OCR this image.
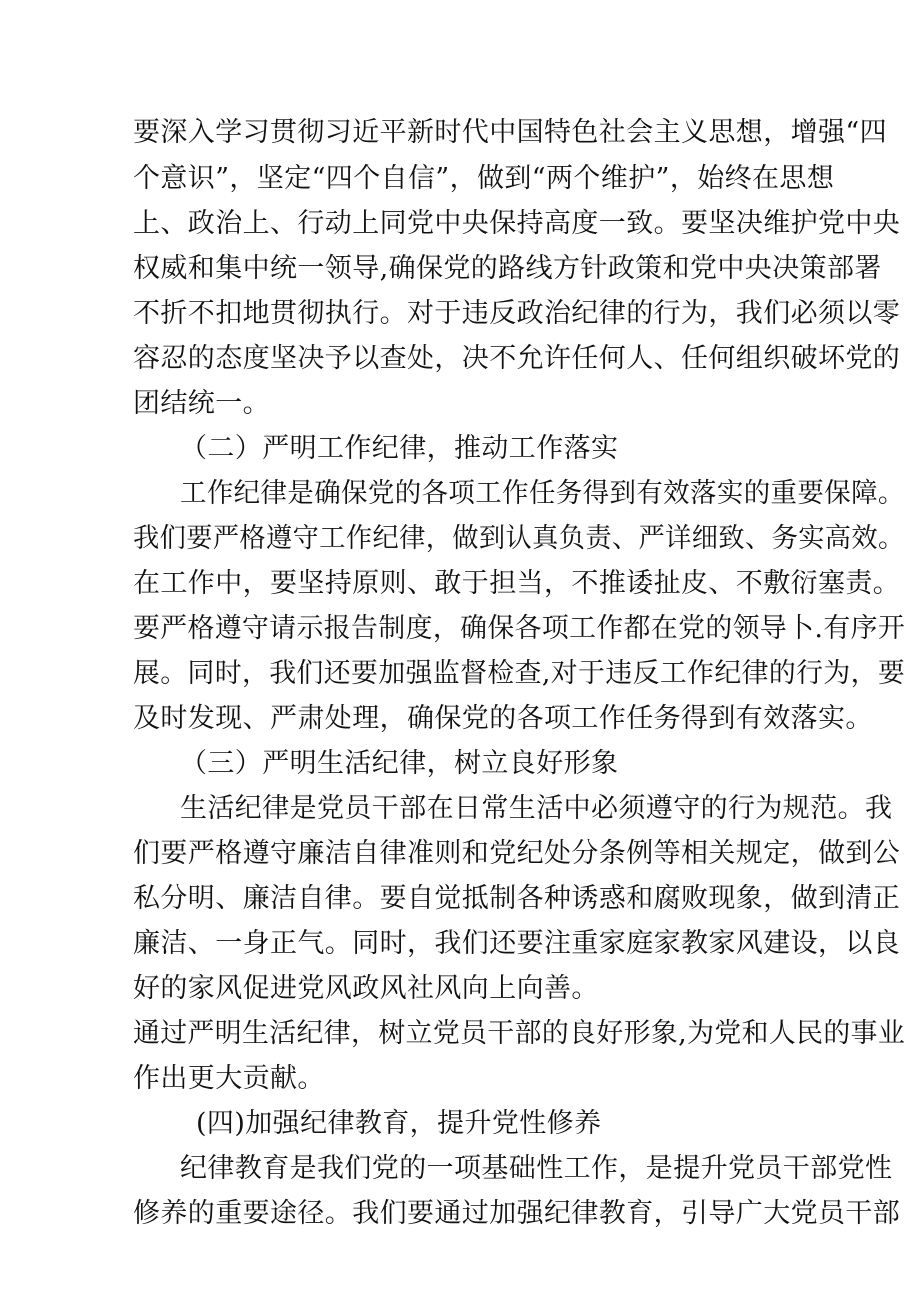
要深入学习贯彻习近平新时代中国特色社会主义思想，增强“四
个意识”，坚定“四个自信”，做到“两个维护”，始终在思想
上、政治上、行动上同党中央保持高度一致。要坚决维护党中央
权威和集中统一领导,确保党的路线方针政策和党中央决策部署
不折不扣地贯彻执行。对于违反政治纪律的行为，我们必须以零
容忍的态度坚决予以查处，决不允许任何人、任何组织破坏党的
团结统一。
（二）严明工作纪律，推动工作落实
工作纪律是确保党的各项工作任务得到有效落实的重要保障。
我们要严格遵守工作纪律，做到认真负责、严详细致、务实高效。
在工作中，要坚持原则、敢于担当，不推诿扯皮、不敷衍塞责。
要严格遵守请示报告制度，确保各项工作都在党的领导卜.有序开
展。同时，我们还要加强监督检查,对于违反工作纪律的行为，要
及时发现、严肃处理，确保党的各项工作任务得到有效落实。
（三）严明生活纪律，树立良好形象
生活纪律是党员干部在日常生活中必须遵守的行为规范。我
们要严格遵守廉洁自律准则和党纪处分条例等相关规定，做到公
私分明、廉洁自律。要自觉抵制各种诱惑和腐败现象，做到清正
廉洁、一身正气。同时，我们还要注重家庭家教家风建设，以良
好的家风促进党风政风社风向上向善。
通过严明生活纪律，树立党员干部的良好形象,为党和人民的事业
作出更大贡献。
(四)加强纪律教育，提升党性修养
纪律教育是我们党的一项基础性工作，是提升党员干部党性
修养的重要途径。我们要通过加强纪律教育，引导广大党员干部
